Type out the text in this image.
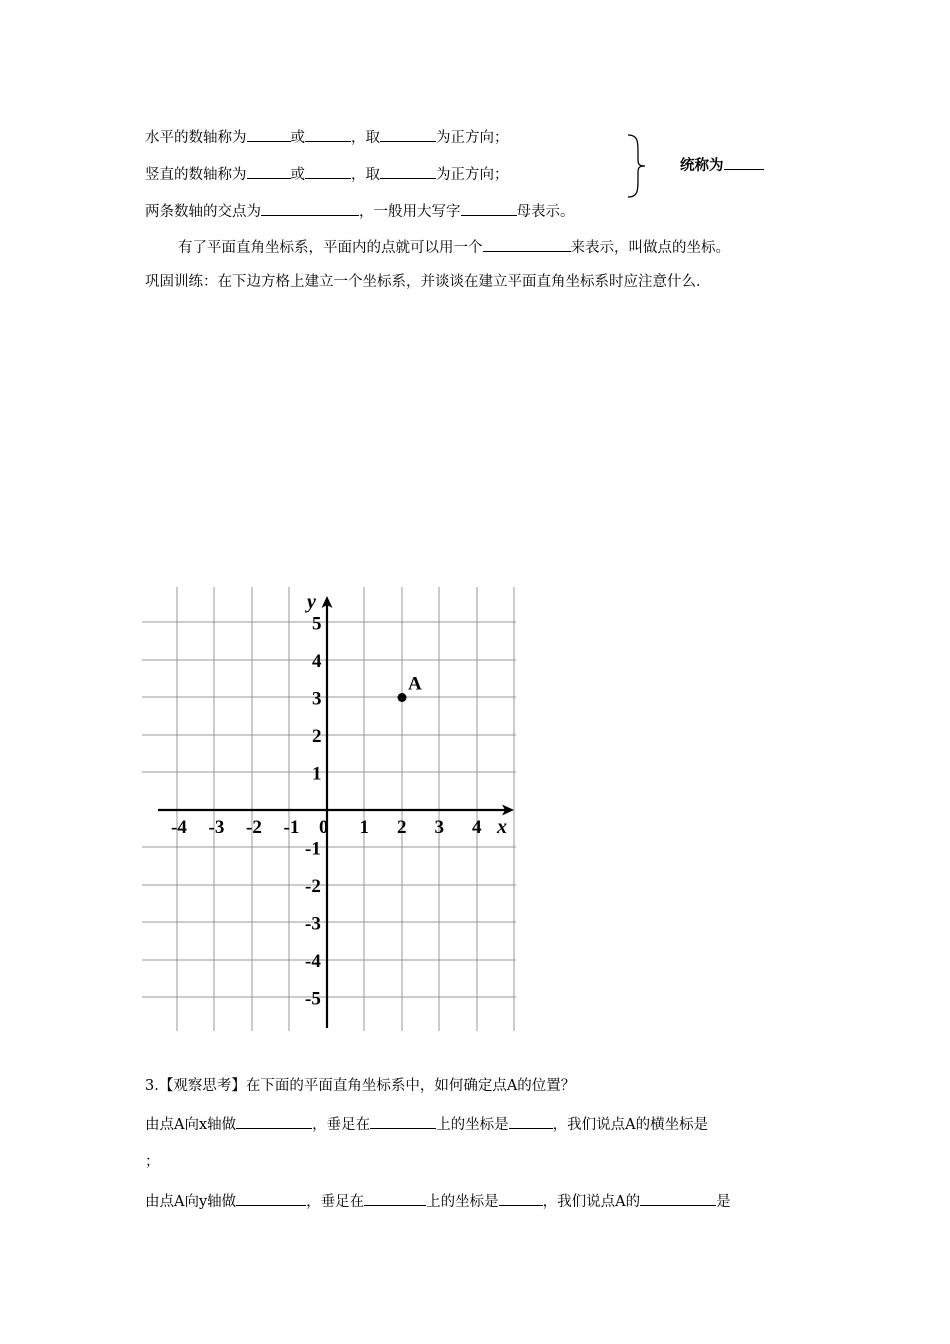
水平的数轴称为	或	，取	为正方向；
竖直的数轴称为	或	，取	为正方向；
两条数轴的交点为	，一般用大写字	母表示。
统称为
有了平面直角坐标系，平面内的点就可以用一个	来表示，叫做点的坐标。
巩固训练：在下边方格上建立一个坐标系，并谈谈在建立平面直角坐标系时应注意什么．
x
y
-4 -3 -2 -1 0 1 2 3 4
5
4
3
2
1
-1
-2
-3
-4
-5
A
3.【观察思考】在下面的平面直角坐标系中，如何确定点A的位置？
由点A向x轴做	，垂足在	上的坐标是	，我们说点A的横坐标是
；
由点A向y轴做	，垂足在	上的坐标是	，我们说点A的	是
